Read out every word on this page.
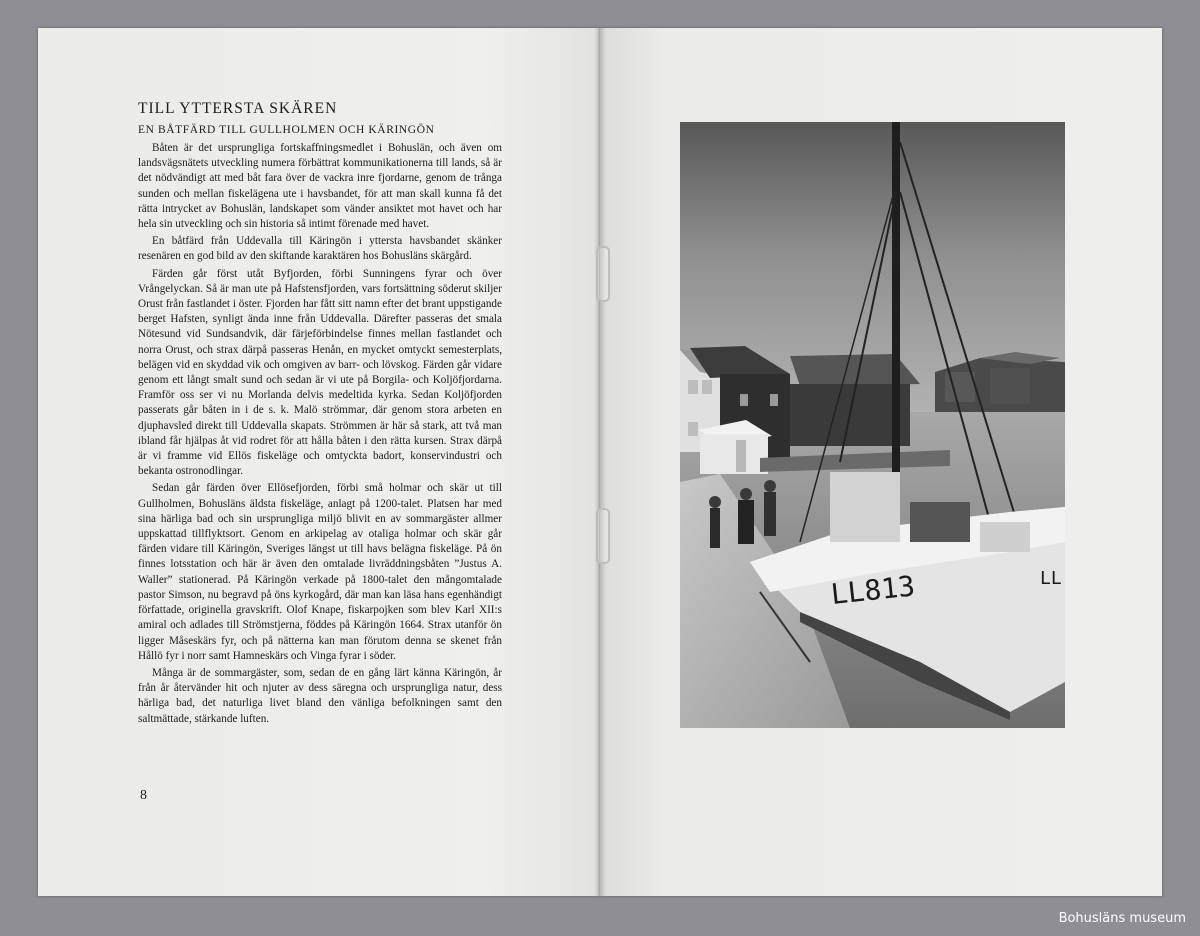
TILL YTTERSTA SKÄREN
EN BÅTFÄRD TILL GULLHOLMEN OCH KÄRINGÖN

Båten är det ursprungliga fortskaffningsmedlet i Bohuslän, och även om landsvägsnätets utveckling numera förbättrat kommunikationerna till lands, så är det nödvändigt att med båt fara över de vackra inre fjordarne, genom de trånga sunden och mellan fiskelägena ute i havsbandet, för att man skall kunna få det rätta intrycket av Bohuslän, landskapet som vänder ansiktet mot havet och har hela sin utveckling och sin historia så intimt förenade med havet.

En båtfärd från Uddevalla till Käringön i yttersta havsbandet skänker resenären en god bild av den skiftande karaktären hos Bohusläns skärgård.

Färden går först utåt Byfjorden, förbi Sunningens fyrar och över Vrångelyckan. Så är man ute på Hafstensfjorden, vars fortsättning söderut skiljer Orust från fastlandet i öster. Fjorden har fått sitt namn efter det brant uppstigande berget Hafsten, synligt ända inne från Uddevalla. Därefter passeras det smala Nötesund vid Sundsandvik, där färjeförbindelse finnes mellan fastlandet och norra Orust, och strax därpå passeras Henån, en mycket omtyckt semesterplats, belägen vid en skyddad vik och omgiven av barr- och lövskog. Färden går vidare genom ett långt smalt sund och sedan är vi ute på Borgila- och Koljöfjordarna. Framför oss ser vi nu Morlanda delvis medeltida kyrka. Sedan Koljöfjorden passerats går båten in i de s. k. Malö strömmar, där genom stora arbeten en djuphavsled direkt till Uddevalla skapats. Strömmen är här så stark, att två man ibland får hjälpas åt vid rodret för att hålla båten i den rätta kursen. Strax därpå är vi framme vid Ellös fiskeläge och omtyckta badort, konservindustri och bekanta ostronodlingar.

Sedan går färden över Ellösefjorden, förbi små holmar och skär ut till Gullholmen, Bohusläns äldsta fiskeläge, anlagt på 1200-talet. Platsen har med sina härliga bad och sin ursprungliga miljö blivit en av sommargäster allmer uppskattad tillflyktsort. Genom en arkipelag av otaliga holmar och skär går färden vidare till Käringön, Sveriges längst ut till havs belägna fiskeläge. På ön finnes lotsstation och här är även den omtalade livräddningsbåten ”Justus A. Waller” stationerad. På Käringön verkade på 1800-talet den mångomtalade pastor Simson, nu begravd på öns kyrkogård, där man kan läsa hans egenhändigt författade, originella gravskrift. Olof Knape, fiskarpojken som blev Karl XII:s amiral och adlades till Strömstjerna, föddes på Käringön 1664. Strax utanför ön ligger Måseskärs fyr, och på nätterna kan man förutom denna se skenet från Hållö fyr i norr samt Hamneskärs och Vinga fyrar i söder.

Många är de sommargäster, som, sedan de en gång lärt känna Käringön, år från år återvänder hit och njuter av dess säregna och ursprungliga natur, dess härliga bad, det naturliga livet bland den vänliga befolkningen samt den saltmättade, stärkande luften.

8
LL813	LL
Bohusläns museum
